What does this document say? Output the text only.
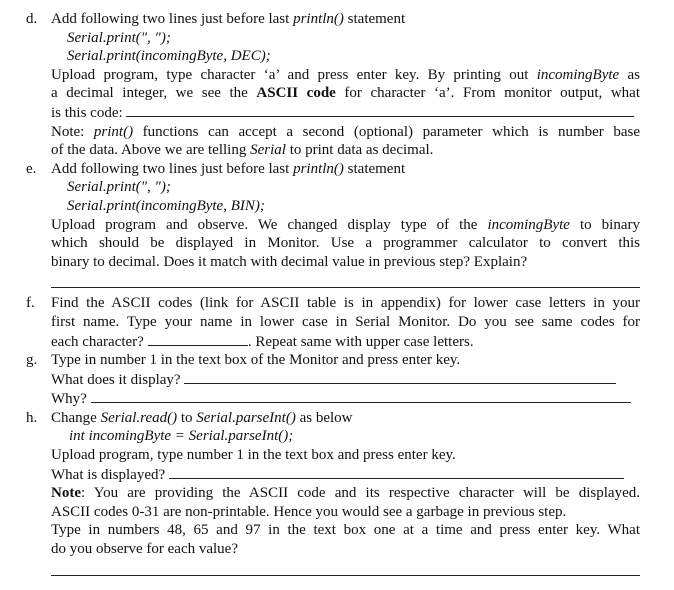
d. Add following two lines just before last println() statement
Serial.print(", ");
Serial.print(incomingByte, DEC);
Upload program, type character ‘a’ and press enter key. By printing out incomingByte as
a decimal integer, we see the ASCII code for character ‘a’. From monitor output, what
is this code:
Note: print() functions can accept a second (optional) parameter which is number base
of the data. Above we are telling Serial to print data as decimal.
e. Add following two lines just before last println() statement
Serial.print(", ");
Serial.print(incomingByte, BIN);
Upload program and observe. We changed display type of the incomingByte to binary
which should be displayed in Monitor. Use a programmer calculator to convert this
binary to decimal. Does it match with decimal value in previous step? Explain?
f. Find the ASCII codes (link for ASCII table is in appendix) for lower case letters in your
first name. Type your name in lower case in Serial Monitor. Do you see same codes for
each character?	. Repeat same with upper case letters.
g. Type in number 1 in the text box of the Monitor and press enter key.
What does it display?
Why?
h. Change Serial.read() to Serial.parseInt() as below
int incomingByte = Serial.parseInt();
Upload program, type number 1 in the text box and press enter key.
What is displayed?
Note: You are providing the ASCII code and its respective character will be displayed.
ASCII codes 0-31 are non-printable. Hence you would see a garbage in previous step.
Type in numbers 48, 65 and 97 in the text box one at a time and press enter key. What
do you observe for each value?
